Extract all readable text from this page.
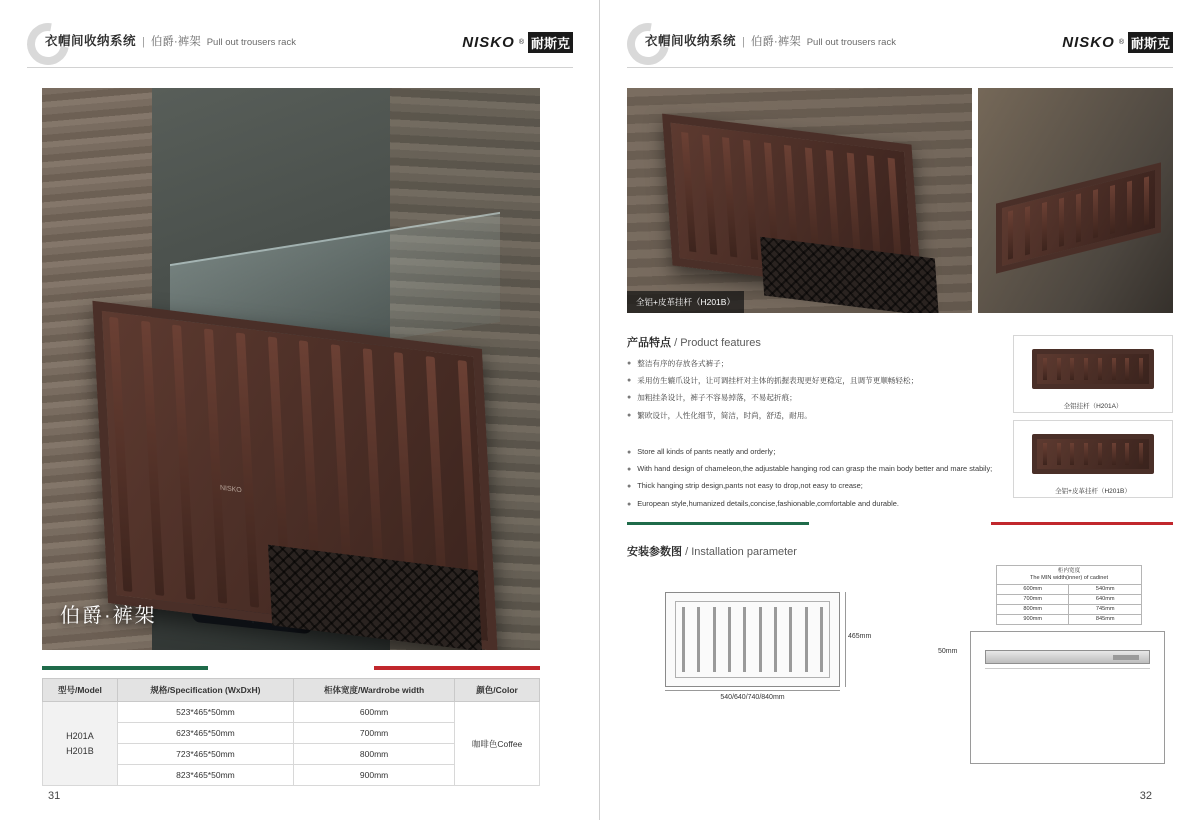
衣帽间收纳系统 | 伯爵·裤架 Pull out trousers rack	NISKO ® 耐斯克
NISKO
伯爵·裤架
型号/Model	规格/Specification (WxDxH)	柜体宽度/Wardrobe width	颜色/Color
H201A
H201B	523*465*50mm	600mm	咖啡色Coffee
	623*465*50mm	700mm	
	723*465*50mm	800mm	
	823*465*50mm	900mm	
31
衣帽间收纳系统 | 伯爵·裤架 Pull out trousers rack	NISKO ® 耐斯克
全铝+皮革挂杆（H201B）
产品特点 / Product features
● 整洁有序的存放各式裤子；
● 采用仿生辘爪设计，让可调挂杆对主体的抓握表现更好更稳定，且调节更顺畅轻松；
● 加粗挂条设计，裤子不容易掉落，不易起折痕；
● 繁欧设计，人性化细节，简洁，时尚，舒适，耐用。
● Store all kinds of pants neatly and orderly；
● With hand design of chameleon,the adjustable hanging rod can grasp the main body better and mare stabily;
● Thick hanging strip design,pants not easy to drop,not easy to crease;
● European style,humanized details,concise,fashionable,comfortable and durable.
全铝挂杆（H201A）
全铝+皮革挂杆（H201B）
安装参数图 / Installation parameter
32
540/640/740/840mm
465mm
50mm
柜内宽度
The MIN width(inner) of cadinet	
600mm	540mm
700mm	640mm
800mm	745mm
900mm	845mm
